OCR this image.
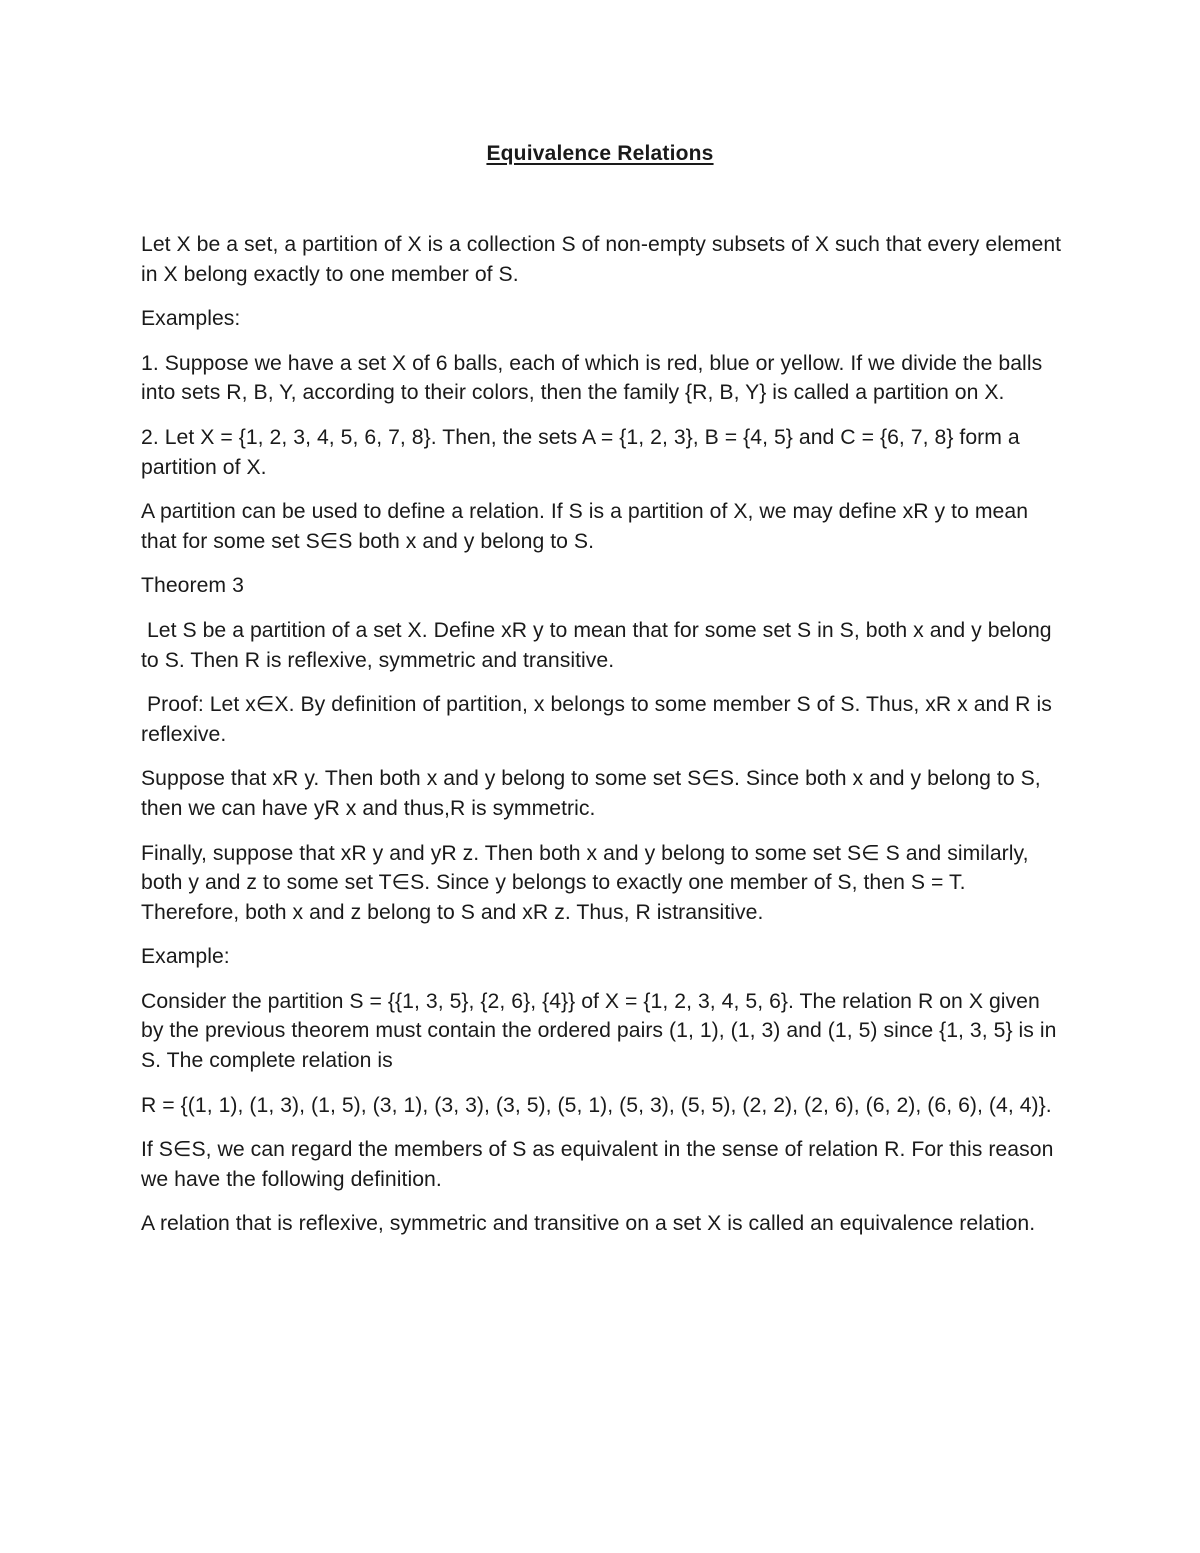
Equivalence Relations

Let X be a set, a partition of X is a collection S of non-empty subsets of X such that every element in X belong exactly to one member of S.

Examples:

1. Suppose we have a set X of 6 balls, each of which is red, blue or yellow. If we divide the balls into sets R, B, Y, according to their colors, then the family {R, B, Y} is called a partition on X.

2. Let X = {1, 2, 3, 4, 5, 6, 7, 8}. Then, the sets A = {1, 2, 3}, B = {4, 5} and C = {6, 7, 8} form a partition of X.

A partition can be used to define a relation. If S is a partition of X, we may define xR y to mean that for some set S∈S both x and y belong to S.

Theorem 3

Let S be a partition of a set X. Define xR y to mean that for some set S in S, both x and y belong to S. Then R is reflexive, symmetric and transitive.

Proof: Let x∈X. By definition of partition, x belongs to some member S of S. Thus, xR x and R is reflexive.

Suppose that xR y. Then both x and y belong to some set S∈S. Since both x and y belong to S, then we can have yR x and thus,R is symmetric.

Finally, suppose that xR y and yR z. Then both x and y belong to some set S∈ S and similarly, both y and z to some set T∈S. Since y belongs to exactly one member of S, then S = T. Therefore, both x and z belong to S and xR z. Thus, R istransitive.

Example:

Consider the partition S = {{1, 3, 5}, {2, 6}, {4}} of X = {1, 2, 3, 4, 5, 6}. The relation R on X given by the previous theorem must contain the ordered pairs (1, 1), (1, 3) and (1, 5) since {1, 3, 5} is in S. The complete relation is

R = {(1, 1), (1, 3), (1, 5), (3, 1), (3, 3), (3, 5), (5, 1), (5, 3), (5, 5), (2, 2), (2, 6), (6, 2), (6, 6), (4, 4)}.

If S∈S, we can regard the members of S as equivalent in the sense of relation R. For this reason we have the following definition.

A relation that is reflexive, symmetric and transitive on a set X is called an equivalence relation.
